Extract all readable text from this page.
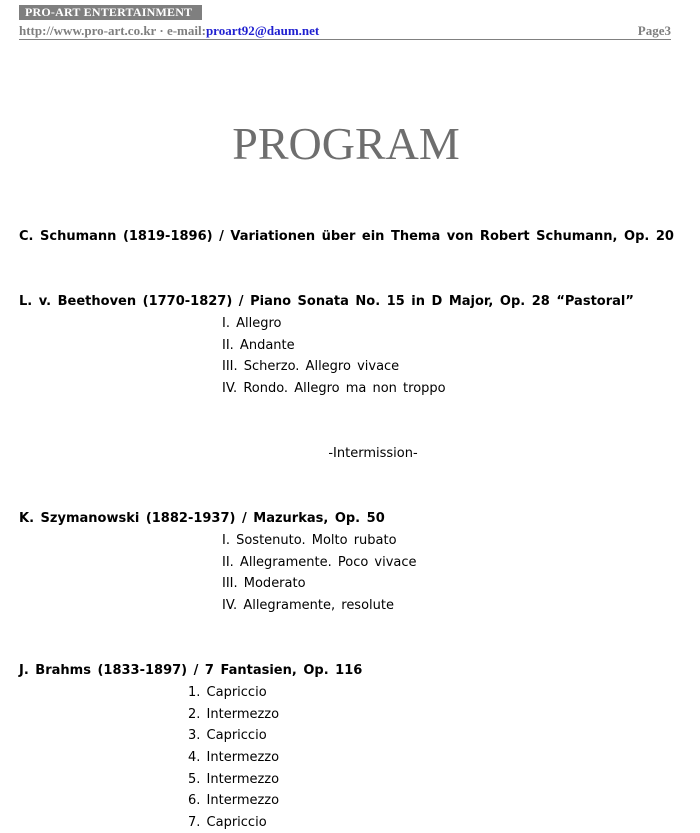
PRO-ART ENTERTAINMENT
http://www.pro-art.co.kr · e-mail:proart92@daum.net	Page3
PROGRAM
C. Schumann (1819-1896) / Variationen über ein Thema von Robert Schumann, Op. 20
L. v. Beethoven (1770-1827) / Piano Sonata No. 15 in D Major, Op. 28 “Pastoral”
I. Allegro
II. Andante
III. Scherzo. Allegro vivace
IV. Rondo. Allegro ma non troppo
-Intermission-
K. Szymanowski (1882-1937) / Mazurkas, Op. 50
I. Sostenuto. Molto rubato
II. Allegramente. Poco vivace
III. Moderato
IV. Allegramente, resolute
J. Brahms (1833-1897) / 7 Fantasien, Op. 116
1. Capriccio
2. Intermezzo
3. Capriccio
4. Intermezzo
5. Intermezzo
6. Intermezzo
7. Capriccio
